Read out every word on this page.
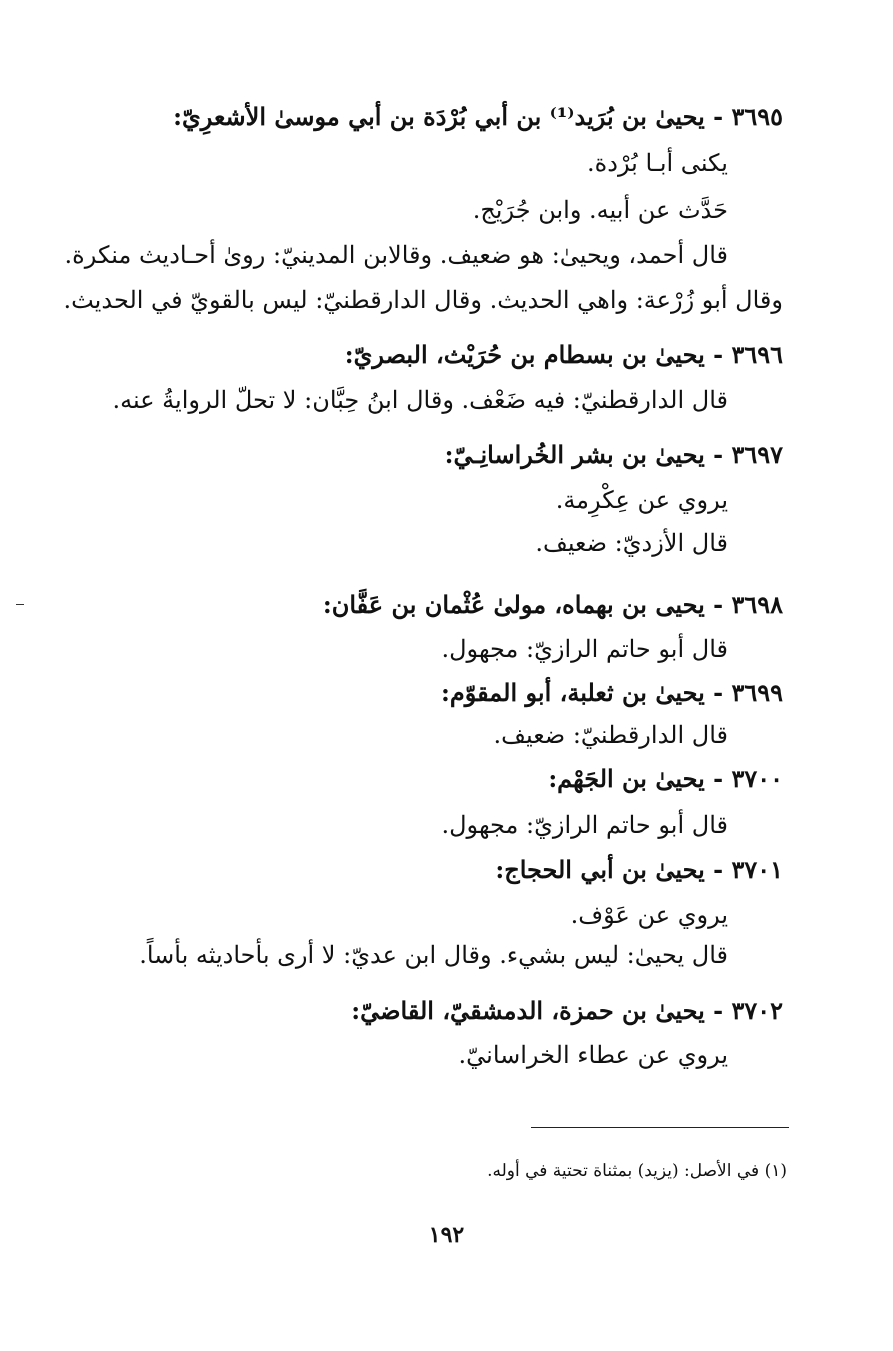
٣٦٩٥ - يحيىٰ بن بُرَيد⁽¹⁾ بن أبي بُرْدَة بن أبي موسىٰ الأشعرِيّ:
يكنى أبـا بُرْدة.
حَدَّث عن أبيه. وابن جُرَيْج.
قال أحمد، ويحيىٰ: هو ضعيف. وقالابن المدينيّ: روىٰ أحـاديث منكرة.
وقال أبو زُرْعة: واهي الحديث. وقال الدارقطنيّ: ليس بالقويّ في الحديث.
٣٦٩٦ - يحيىٰ بن بسطام بن حُرَيْث، البصريّ:
قال الدارقطنيّ: فيه ضَعْف. وقال ابنُ حِبَّان: لا تحلّ الروايةُ عنه.
٣٦٩٧ - يحيىٰ بن بشر الخُراسانِـيّ:
يروي عن عِكْرِمة.
قال الأزديّ: ضعيف.
٣٦٩٨ - يحيى بن بهماه، مولىٰ عُثْمان بن عَفَّان:
قال أبو حاتم الرازيّ: مجهول.
٣٦٩٩ - يحيىٰ بن ثعلبة، أبو المقوّم:
قال الدارقطنيّ: ضعيف.
٣٧٠٠ - يحيىٰ بن الجَهْم:
قال أبو حاتم الرازيّ: مجهول.
٣٧٠١ - يحيىٰ بن أبي الحجاج:
يروي عن عَوْف.
قال يحيىٰ: ليس بشيء. وقال ابن عديّ: لا أرى بأحاديثه بأساً.
٣٧٠٢ - يحيىٰ بن حمزة، الدمشقيّ، القاضيّ:
يروي عن عطاء الخراسانيّ.
(١) في الأصل: (يزيد) بمثناة تحتية في أوله.
١٩٢
